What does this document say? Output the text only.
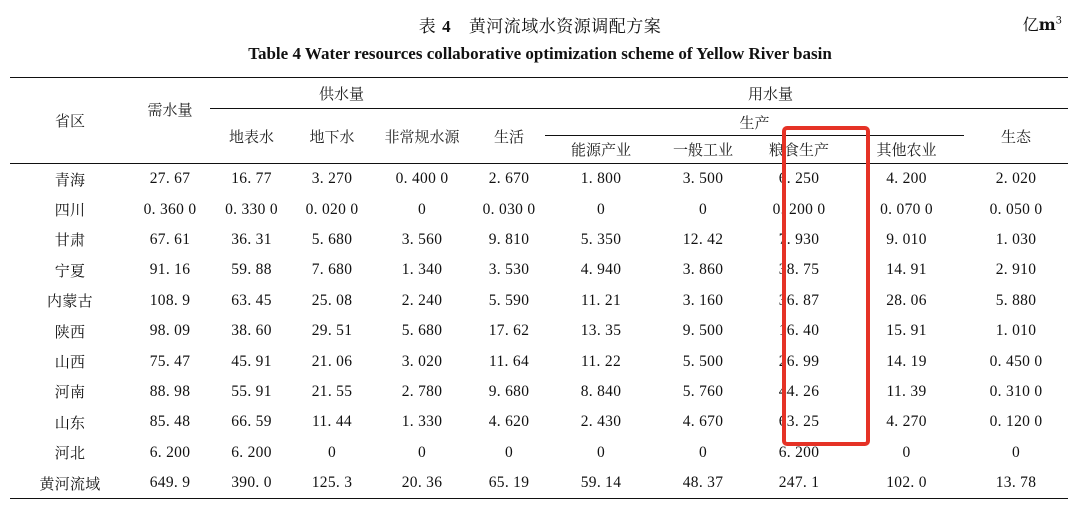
表 4 黄河流域水资源调配方案	亿$m^3$
Table 4 Water resources collaborative optimization scheme of Yellow River basin
省区	需水量	供水量			用水量					
		地表水	地下水	非常规水源	生活	生产				生态
						能源产业	一般工业	粮食生产	其他农业	
青海	27. 67	16. 77	3. 270	0. 400 0	2. 670	1. 800	3. 500	6. 250	4. 200	2. 020
四川	0. 360 0	0. 330 0	0. 020 0	0	0. 030 0	0	0	0. 200 0	0. 070 0	0. 050 0
甘肃	67. 61	36. 31	5. 680	3. 560	9. 810	5. 350	12. 42	7. 930	9. 010	1. 030
宁夏	91. 16	59. 88	7. 680	1. 340	3. 530	4. 940	3. 860	38. 75	14. 91	2. 910
内蒙古	108. 9	63. 45	25. 08	2. 240	5. 590	11. 21	3. 160	36. 87	28. 06	5. 880
陕西	98. 09	38. 60	29. 51	5. 680	17. 62	13. 35	9. 500	16. 40	15. 91	1. 010
山西	75. 47	45. 91	21. 06	3. 020	11. 64	11. 22	5. 500	26. 99	14. 19	0. 450 0
河南	88. 98	55. 91	21. 55	2. 780	9. 680	8. 840	5. 760	44. 26	11. 39	0. 310 0
山东	85. 48	66. 59	11. 44	1. 330	4. 620	2. 430	4. 670	63. 25	4. 270	0. 120 0
河北	6. 200	6. 200	0	0	0	0	0	6. 200	0	0
黄河流域	649. 9	390. 0	125. 3	20. 36	65. 19	59. 14	48. 37	247. 1	102. 0	13. 78
